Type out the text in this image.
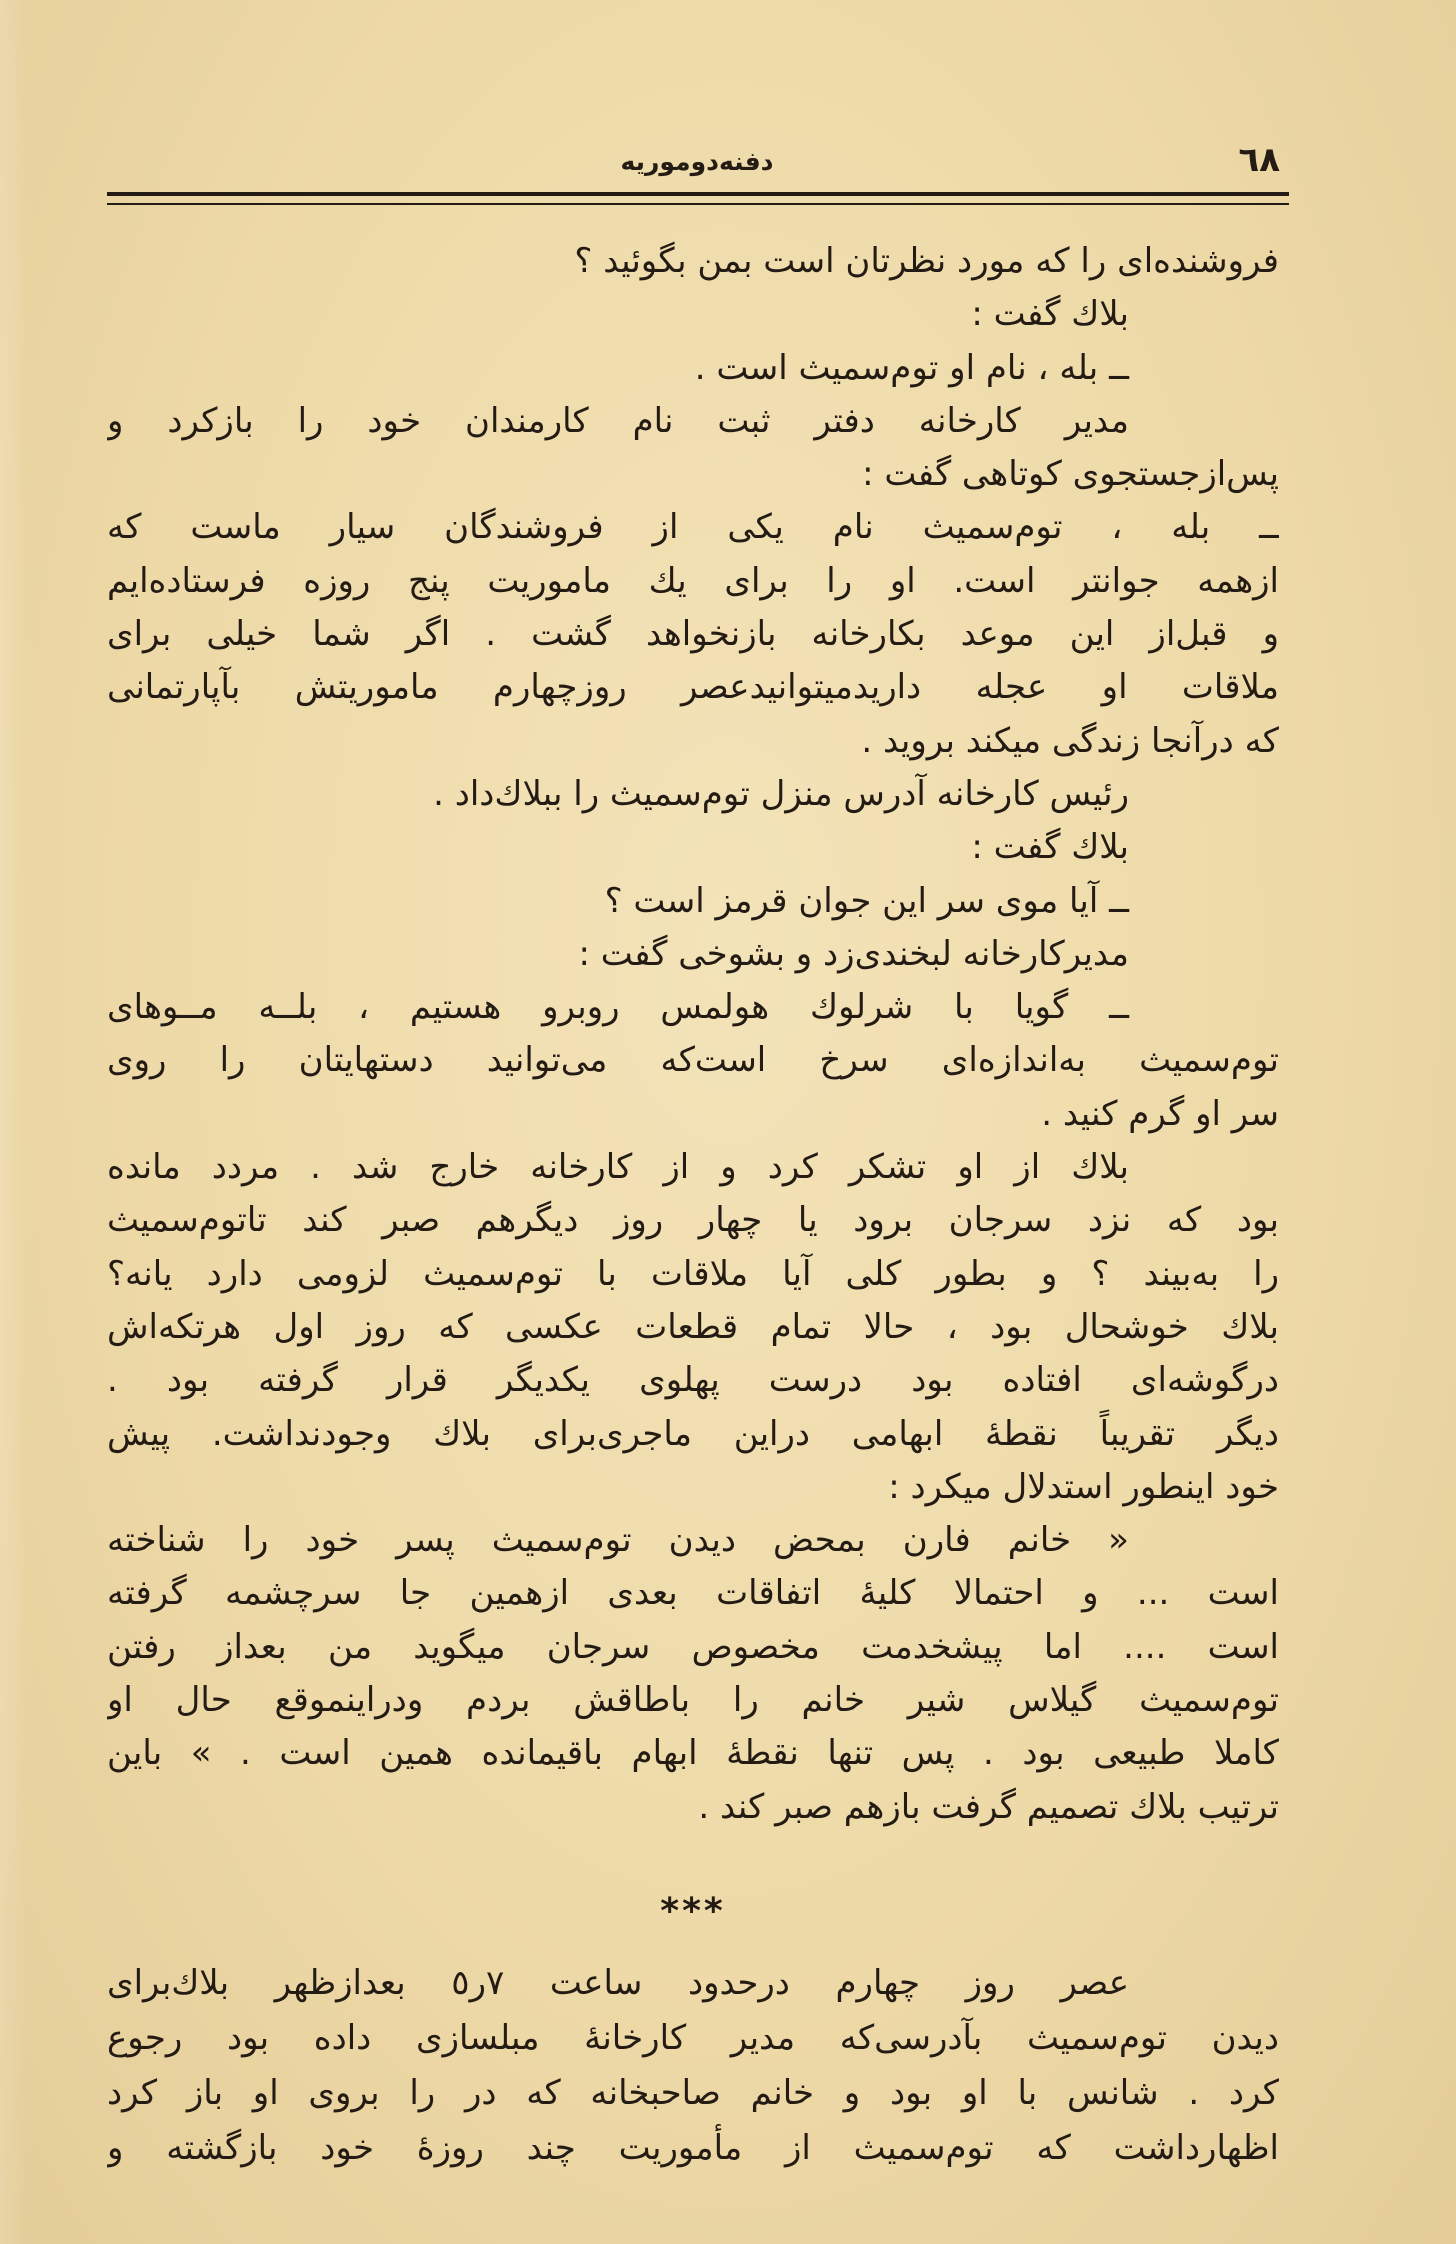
٦٨
دفنه‌دوموریه
فروشنده‌ای را که مورد نظرتان است بمن بگوئید ؟
بلاك گفت :
ــ بله ، نام او توم‌سمیث است .
مدیر کارخانه دفتر ثبت نام کارمندان خود را بازکرد و
پس‌ازجستجوی کوتاهی گفت :
ــ بله ، توم‌سمیث نام یکی از فروشندگان سیار ماست که
ازهمه جوانتر است. او را برای یك ماموریت پنج روزه فرستاده‌ایم
و قبل‌از این موعد بکارخانه بازنخواهد گشت . اگر شما خیلی برای
ملاقات او عجله داریدمیتوانیدعصر روزچهارم ماموریتش بآپارتمانی
که درآنجا زندگی میکند بروید .
رئیس کارخانه آدرس منزل توم‌سمیث را ببلاك‌داد .
بلاك گفت :
ــ آیا موی سر این جوان قرمز است ؟
مدیرکارخانه لبخندی‌زد و بشوخی گفت :
ــ گویا با شرلوك هولمس روبرو هستیم ، بلــه مــوهای
توم‌سمیث به‌اندازه‌ای سرخ است‌که می‌توانید دستهایتان را روی
سر او گرم کنید .
بلاك از او تشکر کرد و از کارخانه خارج شد . مردد مانده
بود که نزد سرجان برود یا چهار روز دیگرهم صبر کند تاتوم‌سمیث
را به‌بیند ؟ و بطور کلی آیا ملاقات با توم‌سمیث لزومی دارد یانه؟
بلاك خوشحال بود ، حالا تمام قطعات عکسی که روز اول هرتکه‌اش
درگوشه‌ای افتاده بود درست پهلوی یکدیگر قرار گرفته بود .
دیگر تقریباً نقطهٔ ابهامی دراین ماجری‌برای بلاك وجودنداشت. پیش
خود اینطور استدلال میکرد :
« خانم فارن بمحض دیدن توم‌سمیث پسر خود را شناخته
است ... و احتمالا کلیهٔ اتفاقات بعدی ازهمین جا سرچشمه گرفته
است .... اما پیشخدمت مخصوص سرجان میگوید من بعداز رفتن
توم‌سمیث گیلاس شیر خانم را باطاقش بردم ودراینموقع حال او
کاملا طبیعی بود . پس تنها نقطهٔ ابهام باقیمانده همین است . » باین
ترتیب بلاك تصمیم گرفت بازهم صبر کند .
***
عصر روز چهارم درحدود ساعت ٧ر٥ بعدازظهر بلاك‌برای
دیدن توم‌سمیث بآدرسی‌که مدیر کارخانهٔ مبلسازی داده بود رجوع
کرد . شانس با او بود و خانم صاحبخانه که در را بروی او باز کرد
اظهارداشت که توم‌سمیث از مأموریت چند روزهٔ خود بازگشته و
